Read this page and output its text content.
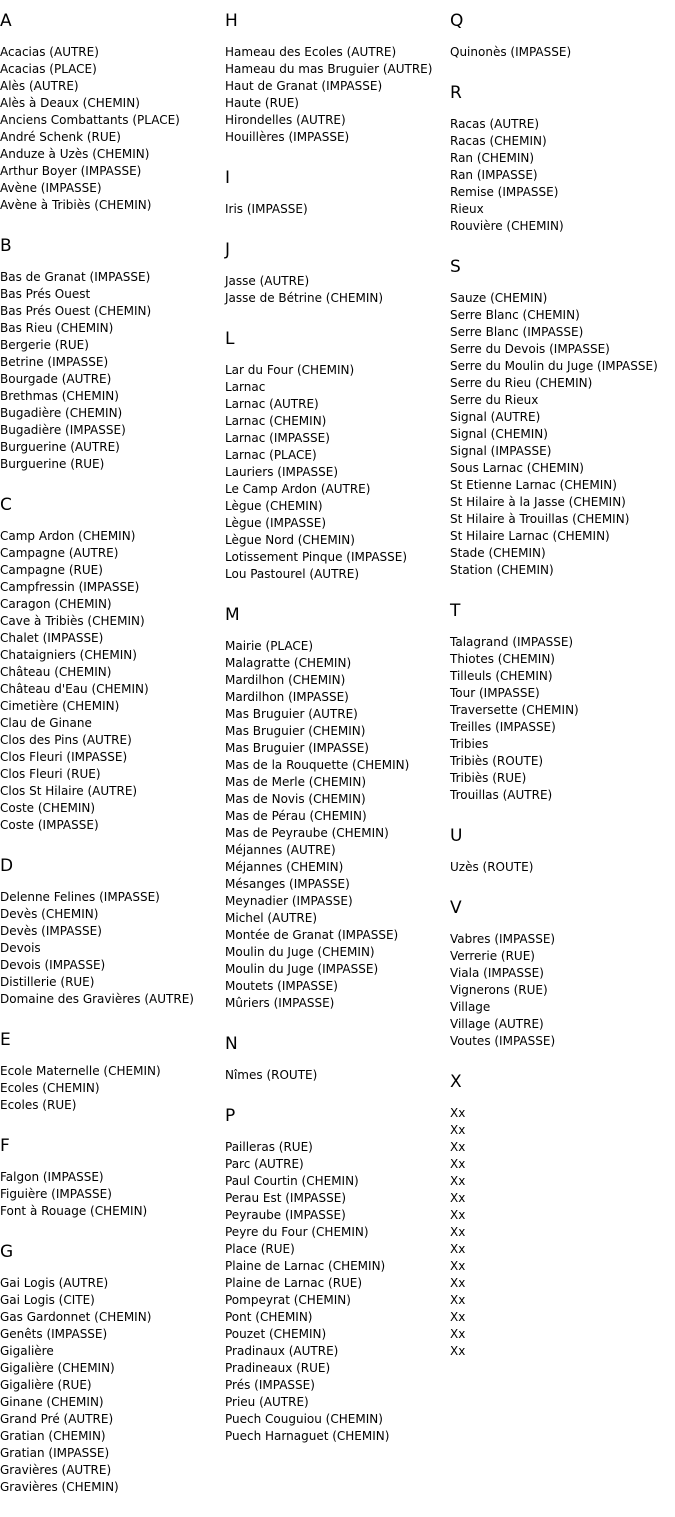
A
Acacias (AUTRE)
Acacias (PLACE)
Alès (AUTRE)
Alès à Deaux (CHEMIN)
Anciens Combattants (PLACE)
André Schenk (RUE)
Anduze à Uzès (CHEMIN)
Arthur Boyer (IMPASSE)
Avène (IMPASSE)
Avène à Tribiès (CHEMIN)
B
Bas de Granat (IMPASSE)
Bas Prés Ouest
Bas Prés Ouest (CHEMIN)
Bas Rieu (CHEMIN)
Bergerie (RUE)
Betrine (IMPASSE)
Bourgade (AUTRE)
Brethmas (CHEMIN)
Bugadière (CHEMIN)
Bugadière (IMPASSE)
Burguerine (AUTRE)
Burguerine (RUE)
C
Camp Ardon (CHEMIN)
Campagne (AUTRE)
Campagne (RUE)
Campfressin (IMPASSE)
Caragon (CHEMIN)
Cave à Tribiès (CHEMIN)
Chalet (IMPASSE)
Chataigniers (CHEMIN)
Château (CHEMIN)
Château d'Eau (CHEMIN)
Cimetière (CHEMIN)
Clau de Ginane
Clos des Pins (AUTRE)
Clos Fleuri (IMPASSE)
Clos Fleuri (RUE)
Clos St Hilaire (AUTRE)
Coste (CHEMIN)
Coste (IMPASSE)
D
Delenne Felines (IMPASSE)
Devès (CHEMIN)
Devès (IMPASSE)
Devois
Devois (IMPASSE)
Distillerie (RUE)
Domaine des Gravières (AUTRE)
E
Ecole Maternelle (CHEMIN)
Ecoles (CHEMIN)
Ecoles (RUE)
F
Falgon (IMPASSE)
Figuière (IMPASSE)
Font à Rouage (CHEMIN)
G
Gai Logis (AUTRE)
Gai Logis (CITE)
Gas Gardonnet (CHEMIN)
Genêts (IMPASSE)
Gigalière
Gigalière (CHEMIN)
Gigalière (RUE)
Ginane (CHEMIN)
Grand Pré (AUTRE)
Gratian (CHEMIN)
Gratian (IMPASSE)
Gravières (AUTRE)
Gravières (CHEMIN)
H
Hameau des Ecoles (AUTRE)
Hameau du mas Bruguier (AUTRE)
Haut de Granat (IMPASSE)
Haute (RUE)
Hirondelles (AUTRE)
Houillères (IMPASSE)
I
Iris (IMPASSE)
J
Jasse (AUTRE)
Jasse de Bétrine (CHEMIN)
L
Lar du Four (CHEMIN)
Larnac
Larnac (AUTRE)
Larnac (CHEMIN)
Larnac (IMPASSE)
Larnac (PLACE)
Lauriers (IMPASSE)
Le Camp Ardon (AUTRE)
Lègue (CHEMIN)
Lègue (IMPASSE)
Lègue Nord (CHEMIN)
Lotissement Pinque (IMPASSE)
Lou Pastourel (AUTRE)
M
Mairie (PLACE)
Malagratte (CHEMIN)
Mardilhon (CHEMIN)
Mardilhon (IMPASSE)
Mas Bruguier (AUTRE)
Mas Bruguier (CHEMIN)
Mas Bruguier (IMPASSE)
Mas de la Rouquette (CHEMIN)
Mas de Merle (CHEMIN)
Mas de Novis (CHEMIN)
Mas de Pérau (CHEMIN)
Mas de Peyraube (CHEMIN)
Méjannes (AUTRE)
Méjannes (CHEMIN)
Mésanges (IMPASSE)
Meynadier (IMPASSE)
Michel (AUTRE)
Montée de Granat (IMPASSE)
Moulin du Juge (CHEMIN)
Moulin du Juge (IMPASSE)
Moutets (IMPASSE)
Mûriers (IMPASSE)
N
Nîmes (ROUTE)
P
Pailleras (RUE)
Parc (AUTRE)
Paul Courtin (CHEMIN)
Perau Est (IMPASSE)
Peyraube (IMPASSE)
Peyre du Four (CHEMIN)
Place (RUE)
Plaine de Larnac (CHEMIN)
Plaine de Larnac (RUE)
Pompeyrat (CHEMIN)
Pont (CHEMIN)
Pouzet (CHEMIN)
Pradinaux (AUTRE)
Pradineaux (RUE)
Prés (IMPASSE)
Prieu (AUTRE)
Puech Couguiou (CHEMIN)
Puech Harnaguet (CHEMIN)
Q
Quinonès (IMPASSE)
R
Racas (AUTRE)
Racas (CHEMIN)
Ran (CHEMIN)
Ran (IMPASSE)
Remise (IMPASSE)
Rieux
Rouvière (CHEMIN)
S
Sauze (CHEMIN)
Serre Blanc (CHEMIN)
Serre Blanc (IMPASSE)
Serre du Devois (IMPASSE)
Serre du Moulin du Juge (IMPASSE)
Serre du Rieu (CHEMIN)
Serre du Rieux
Signal (AUTRE)
Signal (CHEMIN)
Signal (IMPASSE)
Sous Larnac (CHEMIN)
St Etienne Larnac (CHEMIN)
St Hilaire à la Jasse (CHEMIN)
St Hilaire à Trouillas (CHEMIN)
St Hilaire Larnac (CHEMIN)
Stade (CHEMIN)
Station (CHEMIN)
T
Talagrand (IMPASSE)
Thiotes (CHEMIN)
Tilleuls (CHEMIN)
Tour (IMPASSE)
Traversette (CHEMIN)
Treilles (IMPASSE)
Tribies
Tribiès (ROUTE)
Tribiès (RUE)
Trouillas (AUTRE)
U
Uzès (ROUTE)
V
Vabres (IMPASSE)
Verrerie (RUE)
Viala (IMPASSE)
Vignerons (RUE)
Village
Village (AUTRE)
Voutes (IMPASSE)
X
Xx
Xx
Xx
Xx
Xx
Xx
Xx
Xx
Xx
Xx
Xx
Xx
Xx
Xx
Xx
